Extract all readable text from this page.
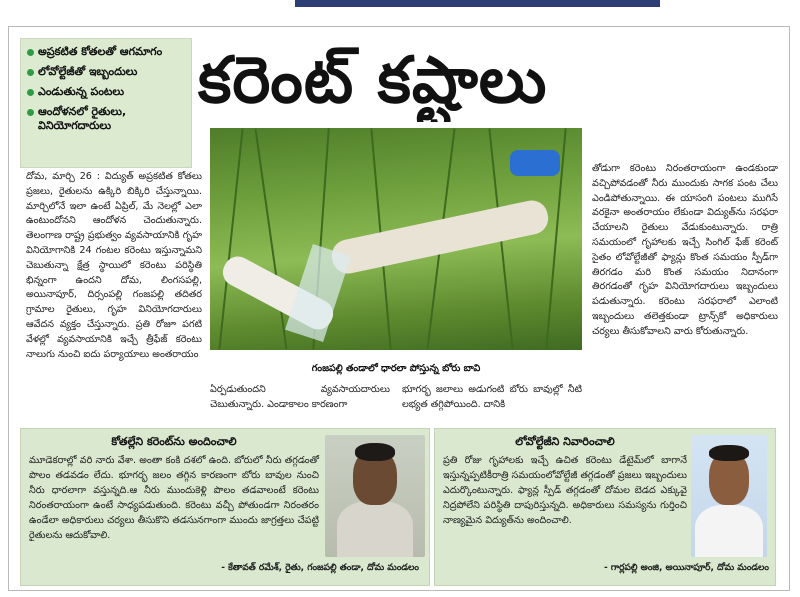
అప్రకటిత కోతలతో ఆగమాగం
లోవోల్టేజీతో ఇబ్బందులు
ఎండుతున్న పంటలు
ఆందోళనలో రైతులు, వినియోగదారులు
కరెంట్ కష్టాలు
గంజపల్లి తండాలో ధారలా పోస్తున్న బోరు బావి

దోమ, మార్చి 26 : విద్యుత్ అప్రకటిత కోతలు ప్రజలు, రైతులను ఉక్కిరి బిక్కిరి చేస్తున్నాయి. మార్చిలోనే ఇలా ఉంటే ఏప్రిల్, మే నెలల్లో ఎలా ఉంటుందోనని ఆందోళన చెందుతున్నారు. తెలంగాణ రాష్ట్ర ప్రభుత్వం వ్యవసాయానికి గృహ వినియోగానికి 24 గంటల కరెంటు ఇస్తున్నామని చెబుతున్నా క్షేత్ర స్థాయిలో కరెంటు పరిస్థితి భిన్నంగా ఉందని దోమ, లింగసపల్లి, అయినాపూర్, దిర్సంపల్లి గంజపల్లి తదితర గ్రామాల రైతులు, గృహ వినియోగదారులు ఆవేదన వ్యక్తం చేస్తున్నారు. ప్రతి రోజూ పగటి వేళల్లో వ్యవసాయానికి ఇచ్చే త్రీఫేజ్ కరెంటు నాలుగు నుంచి ఐదు పర్యాయాలు అంతరాయం

ఏర్పడుతుందని వ్యవసాయదారులు చెబుతున్నారు. ఎండాకాలం కారణంగా

భూగర్భ జలాలు అడుగంటి బోరు బావుల్లో నీటి లభ్యత తగ్గిపోయింది. దానికి

తోడుగా కరెంటు నిరంతరాయంగా ఉండకుండా వచ్చిపోవడంతో నీరు ముందుకు సాగక పంట చేలు ఎండిపోతున్నాయి. ఈ యాసంగి పంటలు ముగిసే వరకైనా అంతరాయం లేకుండా విద్యుత్‌ను సరఫరా చేయాలని రైతులు వేడుకుంటున్నారు. రాత్రి సమయంలో గృహాలకు ఇచ్చే సింగిల్ ఫేజ్ కరెంట్ సైతం లోవోల్టేజీతో ఫ్యాన్లు కొంత సమయం స్పీడ్‌గా తిరగడం మరి కొంత సమయం నిదానంగా తిరగడంతో గృహ వినియోగదారులు ఇబ్బందులు పడుతున్నారు. కరెంటు సరఫరాలో ఎలాంటి ఇబ్బందులు తలెత్తకుండా ట్రాన్స్‌కో అధికారులు చర్యలు తీసుకోవాలని వారు కోరుతున్నారు.

కోతల్లేని కరెంట్‌ను అందించాలి
మూడెకరాల్లో వరి నారు వేశా. అంతా కంకి దశలో ఉంది. బోరులో నీరు తగ్గడంతో పొలం తడవడం లేదు. భూగర్భ జలం తగ్గిన కారణంగా బోరు బావుల నుంచి నీరు ధారలాగా వస్తున్నది.ఆ నీరు ముందుకెళ్లి పొలం తడవాలంటే కరెంటు నిరంతరాయంగా ఉంటే సాధ్యపడుతుంది. కరెంటు వచ్చీ పోతుండగా నిరంతరం ఉండేలా అధికారులు చర్యలు తీసుకొని తడసునగాంగా ముందు జాగ్రత్తలు చేపట్టి రైతులను ఆదుకోవాలి.
- కేతావత్ రమేశ్, రైతు, గంజపల్లి తండా, దోమ మండలం
లోవోల్టేజీని నివారించాలి
ప్రతి రోజు గృహాలకు ఇచ్చే ఉచిత కరెంటు డేటైమ్‌లో బాగానే ఇస్తున్నప్పటికీరాత్రి సమయంలోవోల్టేజీ తగ్గడంతో ప్రజలు ఇబ్బందులు ఎదుర్కొంటున్నారు. ఫ్యాన్ల స్పీడ్ తగ్గడంతో దోమల బెడద ఎక్కువై నిద్రపోలేని పరిస్థితి దాపురిస్తున్నది. అధికారులు సమస్యను గుర్తించి నాణ్యమైన విద్యుత్‌ను అందించాలి.
- గార్లపల్లి అంజి, అయినాపూర్, దోమ మండలం
